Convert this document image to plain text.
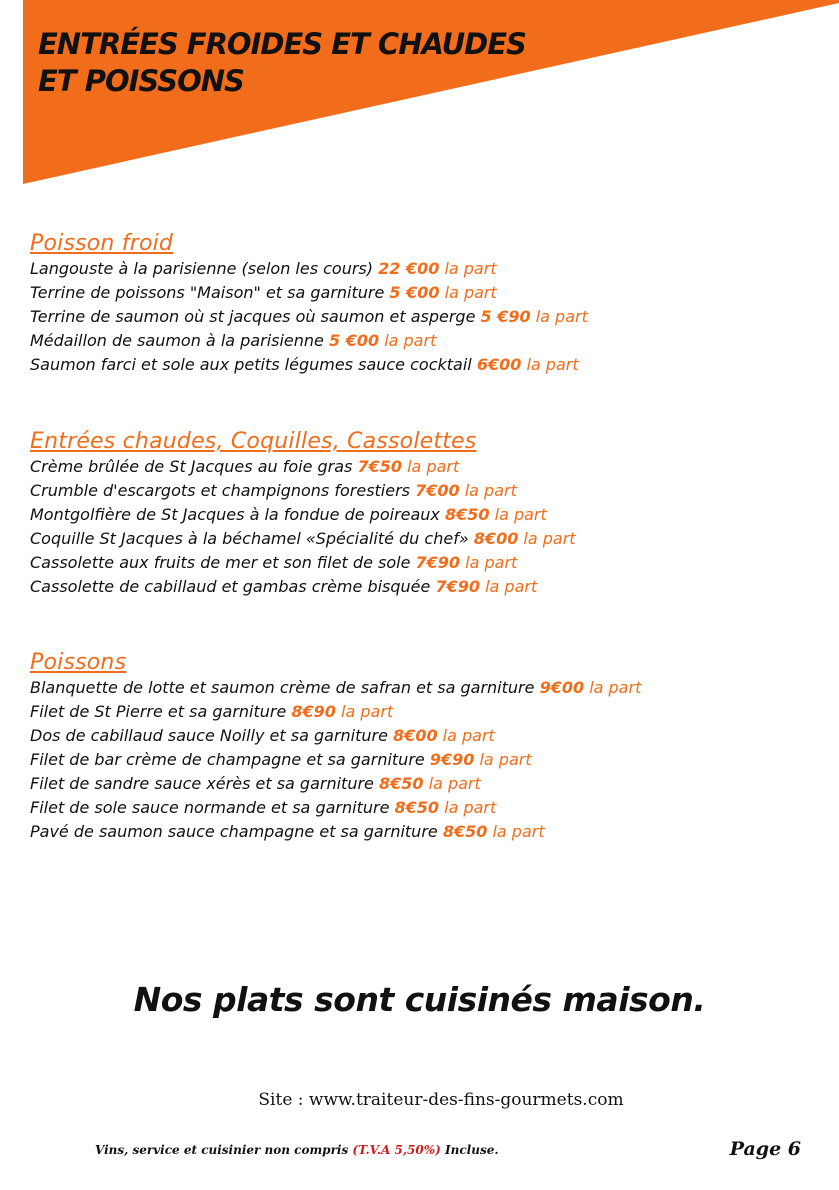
ENTRÉES FROIDES ET CHAUDES
ET POISSONS
Poisson froid
Langouste à la parisienne (selon les cours) 22 €00 la part
Terrine de poissons "Maison" et sa garniture 5 €00 la part
Terrine de saumon où st jacques où saumon et asperge 5 €90 la part
Médaillon de saumon à la parisienne 5 €00 la part
Saumon farci et sole aux petits légumes sauce cocktail 6€00 la part
Entrées chaudes, Coquilles, Cassolettes
Crème brûlée de St Jacques au foie gras 7€50 la part
Crumble d'escargots et champignons forestiers 7€00 la part
Montgolfière de St Jacques à la fondue de poireaux 8€50 la part
Coquille St Jacques à la béchamel «Spécialité du chef» 8€00 la part
Cassolette aux fruits de mer et son filet de sole 7€90 la part
Cassolette de cabillaud et gambas crème bisquée 7€90 la part
Poissons
Blanquette de lotte et saumon crème de safran et sa garniture 9€00 la part
Filet de St Pierre et sa garniture 8€90 la part
Dos de cabillaud sauce Noilly et sa garniture 8€00 la part
Filet de bar crème de champagne et sa garniture 9€90 la part
Filet de sandre sauce xérès et sa garniture 8€50 la part
Filet de sole sauce normande et sa garniture 8€50 la part
Pavé de saumon sauce champagne et sa garniture 8€50 la part

Nos plats sont cuisinés maison.

Site : www.traiteur-des-fins-gourmets.com

Vins, service et cuisinier non compris (T.V.A 5,50%) Incluse.	Page 6
